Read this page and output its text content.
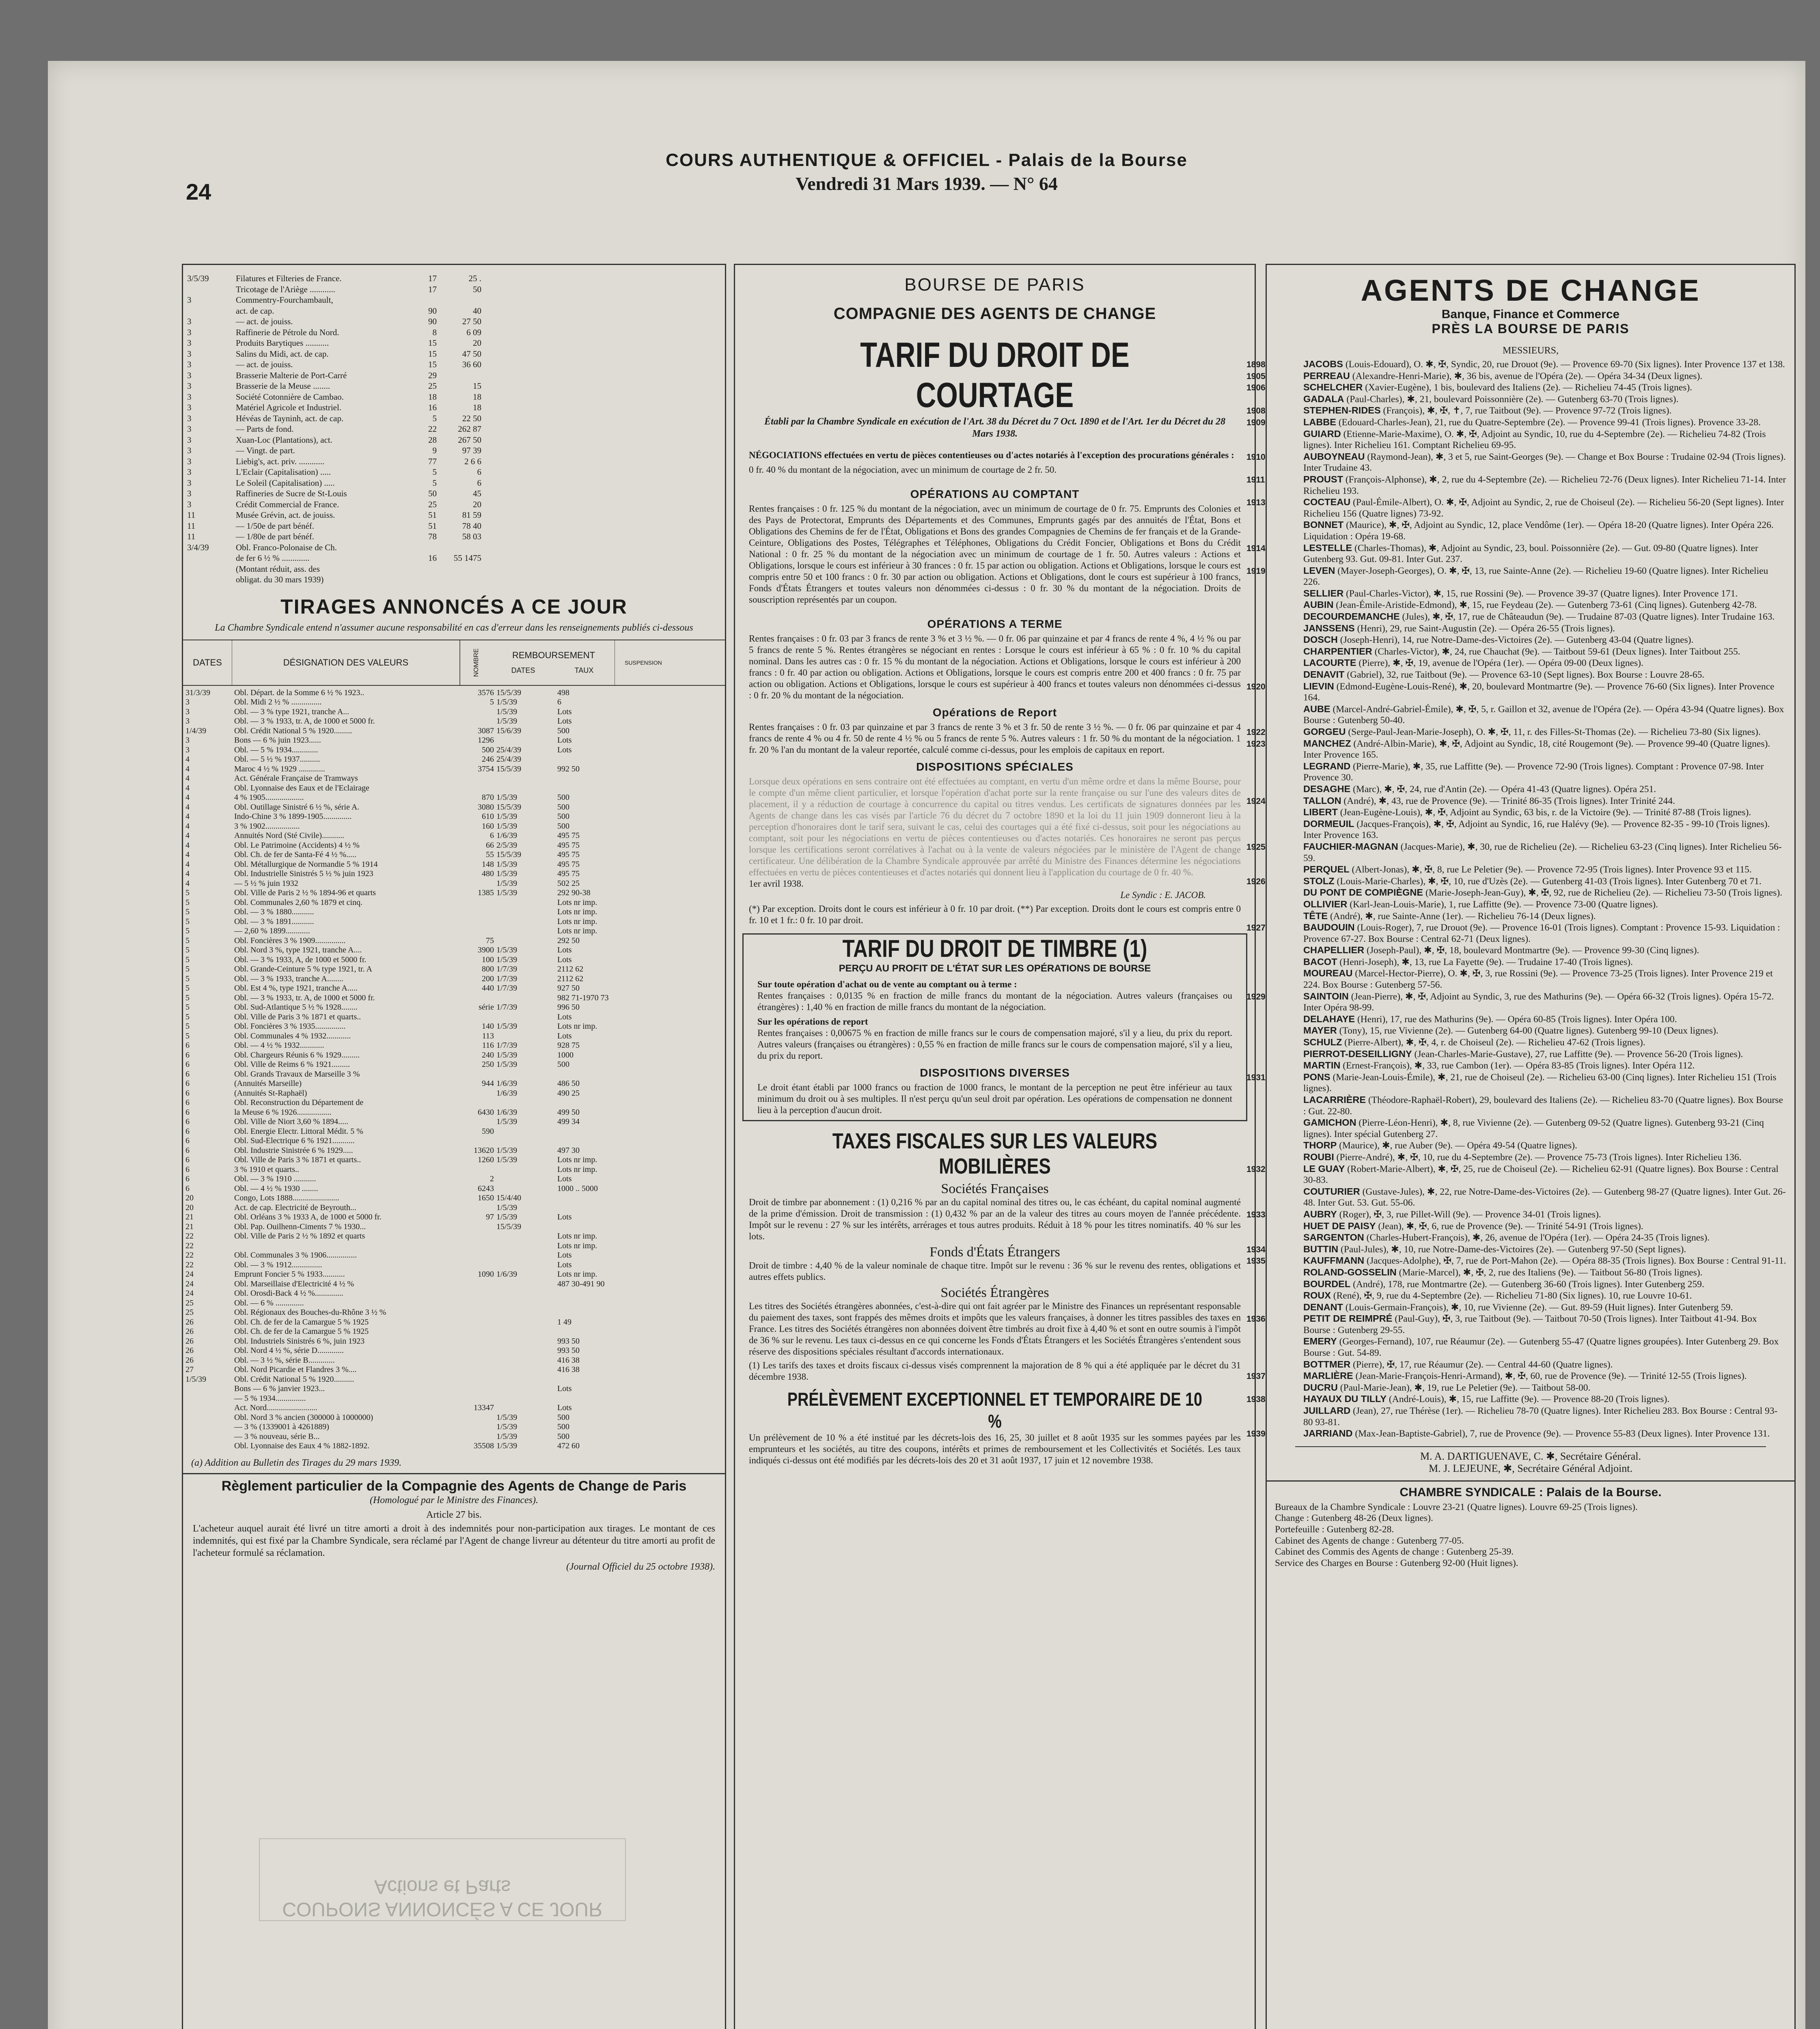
24
COURS AUTHENTIQUE & OFFICIEL - Palais de la Bourse
Vendredi 31 Mars 1939. — N° 64
3/5/39	Filatures et Filteries de France.	17	25 .
Tricotage de l'Ariège ............	17	50
3	Commentry-Fourchambault,
act. de cap.	90	40
3	— act. de jouiss.	90	27 50
3	Raffinerie de Pétrole du Nord.	8	6 09
3	Produits Barytiques ...........	15	20
3	Salins du Midi, act. de cap.	15	47 50
3	— act. de jouiss.	15	36 60
3	Brasserie Malterie de Port-Carré	29
3	Brasserie de la Meuse ........	25	15
3	Société Cotonnière de Cambao.	18	18
3	Matériel Agricole et Industriel.	16	18
3	Hévéas de Tayninh, act. de cap.	5	22 50
3	— Parts de fond.	22	262 87
3	Xuan-Loc (Plantations), act.	28	267 50
3	— Vingt. de part.	9	97 39
3	Liebig's, act. priv. ............	77	2 6 6
3	L'Eclair (Capitalisation) .....	5	6
3	Le Soleil (Capitalisation) .....	5	6
3	Raffineries de Sucre de St-Louis	50	45
3	Crédit Commercial de France.	25	20
11	Musée Grévin, act. de jouiss.	51	81 59
11	— 1/50e de part bénéf.	51	78 40
11	— 1/80e de part bénéf.	78	58 03
3/4/39	Obl. Franco-Polonaise de Ch.
de fer 6 ½ % .............	16	55 1475
(Montant réduit, ass. des
obligat. du 30 mars 1939)
TIRAGES ANNONCÉS A CE JOUR
La Chambre Syndicale entend n'assumer aucune responsabilité en cas d'erreur dans les renseignements publiés ci-dessous
DATES	DÉSIGNATION DES VALEURS	NOMBRE	REMBOURSEMENT
DATES	TAUX
SUSPENSION
31/3/39	Obl. Départ. de la Somme 6 ½ % 1923..	3576 15/5/39	498
3	Obl. Midi 2 ½ % ...............	5 1/5/39	6
3	Obl. — 3 % type 1921, tranche A...	1/5/39	Lots
3	Obl. — 3 % 1933, tr. A, de 1000 et 5000 fr.	1/5/39	Lots
1/4/39	Obl. Crédit National 5 % 1920.........	3087 15/6/39	500
3	Bons — 6 % juin 1923......	1296	Lots
3	Obl. — 5 % 1934.............	500 25/4/39	Lots
4	Obl. — 5 ½ % 1937..........	246 25/4/39
4	Maroc 4 ½ % 1929 .............	3754 15/5/39	992 50
4	Act. Générale Française de Tramways
4	Obl. Lyonnaise des Eaux et de l'Eclairage
4	4 % 1905...................	870 1/5/39	500
4	Obl. Outillage Sinistré 6 ½ %, série A.	3080 15/5/39	500
4	Indo-Chine 3 % 1899-1905..............	610 1/5/39	500
4	3 % 1902.................	160 1/5/39	500
4	Annuités Nord (Sté Civile)...........	6 1/6/39	495 75
4	Obl. Le Patrimoine (Accidents) 4 ½ %	66 2/5/39	495 75
4	Obl. Ch. de fer de Santa-Fé 4 ½ %.....	55 15/5/39	495 75
4	Obl. Métallurgique de Normandie 5 % 1914	148 1/5/39	495 75
4	Obl. Industrielle Sinistrés 5 ½ % juin 1923	480 1/5/39	495 75
4	— 5 ½ % juin 1932	1/5/39	502 25
5	Obl. Ville de Paris 2 ½ % 1894-96 et quarts	1385 1/5/39	292 90-38
5	Obl. Communales 2,60 % 1879 et cinq.	Lots nr imp.
5	Obl. — 3 % 1880...........	Lots nr imp.
5	Obl. — 3 % 1891...........	Lots nr imp.
5	— 2,60 % 1899............	Lots nr imp.
5	Obl. Foncières 3 % 1909...............	75	292 50
5	Obl. Nord 3 %, type 1921, tranche A....	3900 1/5/39	Lots
5	Obl. — 3 % 1933, A, de 1000 et 5000 fr.	100 1/5/39	Lots
5	Obl. Grande-Ceinture 5 % type 1921, tr. A	800 1/7/39	2112 62
5	Obl. — 3 % 1933, tranche A........	200 1/7/39	2112 62
5	Obl. Est 4 %, type 1921, tranche A.....	440 1/7/39	927 50
5	Obl. — 3 % 1933, tr. A, de 1000 et 5000 fr.	982 71-1970 73
5	Obl. Sud-Atlantique 5 ½ % 1928........	série 1/7/39	996 50
5	Obl. Ville de Paris 3 % 1871 et quarts..	Lots
5	Obl. Foncières 3 % 1935...............	140 1/5/39	Lots nr imp.
5	Obl. Communales 4 % 1932............	113	Lots
6	Obl. — 4 ½ % 1932............	116 1/7/39	928 75
6	Obl. Chargeurs Réunis 6 % 1929.........	240 1/5/39	1000
6	Obl. Ville de Reims 6 % 1921.........	250 1/5/39	500
6	Obl. Grands Travaux de Marseille 3 %
6	(Annuités Marseille)	944 1/6/39	486 50
6	(Annuités St-Raphaël)	1/6/39	490 25
6	Obl. Reconstruction du Département de
6	la Meuse 6 % 1926.................	6430 1/6/39	499 50
6	Obl. Ville de Niort 3,60 % 1894.....	1/5/39	499 34
6	Obl. Energie Electr. Littoral Médit. 5 %	590
6	Obl. Sud-Electrique 6 % 1921...........
6	Obl. Industrie Sinistrée 6 % 1929.....	13620 1/5/39	497 30
6	Obl. Ville de Paris 3 % 1871 et quarts..	1260 1/5/39	Lots nr imp.
6	3 % 1910 et quarts..	Lots nr imp.
6	Obl. — 3 % 1910 ...........	2	Lots
6	Obl. — 4 ½ % 1930 ........	6243	1000 .. 5000
20	Congo, Lots 1888.......................	1650 15/4/40
20	Act. de cap. Electricité de Beyrouth...	1/5/39
21	Obl. Orléans 3 % 1933 A, de 1000 et 5000 fr.	97 1/5/39	Lots
21	Obl. Pap. Ouilhenn-Ciments 7 % 1930...	15/5/39
22	Obl. Ville de Paris 2 ½ % 1892 et quarts	Lots nr imp.
22	Lots nr imp.
22	Obl. Communales 3 % 1906...............	Lots
22	Obl. — 3 % 1912...............	Lots
24	Emprunt Foncier 5 % 1933...........	1090 1/6/39	Lots nr imp.
24	Obl. Marseillaise d'Electricité 4 ½ %	487 30-491 90
24	Obl. Orosdi-Back 4 ½ %..............
25	Obl. — 6 % ..............
25	Obl. Régionaux des Bouches-du-Rhône 3 ½ %
26	Obl. Ch. de fer de la Camargue 5 % 1925	1 49
26	Obl. Ch. de fer de la Camargue 5 % 1925
26	Obl. Industriels Sinistrés 6 %, juin 1923	993 50
26	Obl. Nord 4 ½ %, série D.............	993 50
26	Obl. — 3 ½ %, série B.............	416 38
27	Obl. Nord Picardie et Flandres 3 %....	416 38
1/5/39	Obl. Crédit National 5 % 1920..........
Bons — 6 % janvier 1923...	Lots
— 5 % 1934...............
Act. Nord.........................	13347	Lots
Obl. Nord 3 % ancien (300000 à 1000000)	1/5/39	500
— 3 % (1339001 à 4261889)	1/5/39	500
— 3 % nouveau, série B...	1/5/39	500
Obl. Lyonnaise des Eaux 4 % 1882-1892.	35508 1/5/39	472 60
(a) Addition au Bulletin des Tirages du 29 mars 1939.
Règlement particulier de la Compagnie des Agents de Change de Paris
(Homologué par le Ministre des Finances).
Article 27 bis.
L'acheteur auquel aurait été livré un titre amorti a droit à des indemnités pour non-participation aux tirages. Le montant de ces indemnités, qui est fixé par la Chambre Syndicale, sera réclamé par l'Agent de change livreur au détenteur du titre amorti au profit de l'acheteur formulé sa réclamation.
(Journal Officiel du 25 octobre 1938).
COUPONS ANNONCÉS A CE JOUR Actions et Parts
BOURSE DE PARIS
COMPAGNIE DES AGENTS DE CHANGE
TARIF DU DROIT DE COURTAGE
Établi par la Chambre Syndicale en exécution de l'Art. 38 du Décret du 7 Oct. 1890 et de l'Art. 1er du Décret du 28 Mars 1938.
NÉGOCIATIONS effectuées en vertu de pièces contentieuses ou d'actes notariés à l'exception des procurations générales :
0 fr. 40 % du montant de la négociation, avec un minimum de courtage de 2 fr. 50.
OPÉRATIONS AU COMPTANT
Rentes françaises : 0 fr. 125 % du montant de la négociation, avec un minimum de courtage de 0 fr. 75. Emprunts des Colonies et des Pays de Protectorat, Emprunts des Départements et des Communes, Emprunts gagés par des annuités de l'État, Bons et Obligations des Chemins de fer de l'État, Obligations et Bons des grandes Compagnies de Chemins de fer français et de la Grande-Ceinture, Obligations des Postes, Télégraphes et Téléphones, Obligations du Crédit Foncier, Obligations et Bons du Crédit National : 0 fr. 25 % du montant de la négociation avec un minimum de courtage de 1 fr. 50. Autres valeurs : Actions et Obligations, lorsque le cours est inférieur à 30 frances : 0 fr. 15 par action ou obligation. Actions et Obligations, lorsque le cours est compris entre 50 et 100 francs : 0 fr. 30 par action ou obligation. Actions et Obligations, dont le cours est supérieur à 100 francs, Fonds d'États Étrangers et toutes valeurs non dénommées ci-dessus : 0 fr. 30 % du montant de la négociation. Droits de souscription représentés par un coupon.
OPÉRATIONS A TERME
Rentes françaises : 0 fr. 03 par 3 francs de rente 3 % et 3 ½ %. — 0 fr. 06 par quinzaine et par 4 francs de rente 4 %, 4 ½ % ou par 5 francs de rente 5 %. Rentes étrangères se négociant en rentes : Lorsque le cours est inférieur à 65 % : 0 fr. 10 % du capital nominal. Dans les autres cas : 0 fr. 15 % du montant de la négociation. Actions et Obligations, lorsque le cours est inférieur à 200 francs : 0 fr. 40 par action ou obligation. Actions et Obligations, lorsque le cours est compris entre 200 et 400 francs : 0 fr. 75 par action ou obligation. Actions et Obligations, lorsque le cours est supérieur à 400 francs et toutes valeurs non dénommées ci-dessus : 0 fr. 20 % du montant de la négociation.
Opérations de Report
Rentes françaises : 0 fr. 03 par quinzaine et par 3 francs de rente 3 % et 3 fr. 50 de rente 3 ½ %. — 0 fr. 06 par quinzaine et par 4 francs de rente 4 % ou 4 fr. 50 de rente 4 ½ % ou 5 francs de rente 5 %. Autres valeurs : 1 fr. 50 % du montant de la négociation. 1 fr. 20 % l'an du montant de la valeur reportée, calculé comme ci-dessus, pour les emplois de capitaux en report.
DISPOSITIONS SPÉCIALES
Lorsque deux opérations en sens contraire ont été effectuées au comptant, en vertu d'un même ordre et dans la même Bourse, pour le compte d'un même client particulier, et lorsque l'opération d'achat porte sur la rente française ou sur l'une des valeurs dites de placement, il y a réduction de courtage à concurrence du capital ou titres vendus. Les certificats de signatures données par les Agents de change dans les cas visés par l'article 76 du décret du 7 octobre 1890 et la loi du 11 juin 1909 donneront lieu à la perception d'honoraires dont le tarif sera, suivant le cas, celui des courtages qui a été fixé ci-dessus, soit pour les négociations au comptant, soit pour les négociations en vertu de pièces contentieuses ou d'actes notariés. Ces honoraires ne seront pas perçus lorsque les certifications seront corrélatives à l'achat ou à la vente de valeurs négociées par le ministère de l'Agent de change certificateur. Une délibération de la Chambre Syndicale approuvée par arrêté du Ministre des Finances détermine les négociations effectuées en vertu de pièces contentieuses et d'actes notariés qui donnent lieu à l'application du courtage de 0 fr. 40 %.
1er avril 1938.
Le Syndic : E. JACOB.
(*) Par exception. Droits dont le cours est inférieur à 0 fr. 10 par droit. (**) Par exception. Droits dont le cours est compris entre 0 fr. 10 et 1 fr.: 0 fr. 10 par droit.
TARIF DU DROIT DE TIMBRE (1)
PERÇU AU PROFIT DE L'ÉTAT SUR LES OPÉRATIONS DE BOURSE
Sur toute opération d'achat ou de vente au comptant ou à terme :
Rentes françaises : 0,0135 % en fraction de mille francs du montant de la négociation. Autres valeurs (françaises ou étrangères) : 1,40 % en fraction de mille francs du montant de la négociation.
Sur les opérations de report
Rentes françaises : 0,00675 % en fraction de mille francs sur le cours de compensation majoré, s'il y a lieu, du prix du report. Autres valeurs (françaises ou étrangères) : 0,55 % en fraction de mille francs sur le cours de compensation majoré, s'il y a lieu, du prix du report.
DISPOSITIONS DIVERSES
Le droit étant établi par 1000 francs ou fraction de 1000 francs, le montant de la perception ne peut être inférieur au taux minimum du droit ou à ses multiples. Il n'est perçu qu'un seul droit par opération. Les opérations de compensation ne donnent lieu à la perception d'aucun droit.
TAXES FISCALES SUR LES VALEURS MOBILIÈRES
Sociétés Françaises
Droit de timbre par abonnement : (1) 0,216 % par an du capital nominal des titres ou, le cas échéant, du capital nominal augmenté de la prime d'émission. Droit de transmission : (1) 0,432 % par an de la valeur des titres au cours moyen de l'année précédente. Impôt sur le revenu : 27 % sur les intérêts, arrérages et tous autres produits. Réduit à 18 % pour les titres nominatifs. 40 % sur les lots.
Fonds d'États Étrangers
Droit de timbre : 4,40 % de la valeur nominale de chaque titre. Impôt sur le revenu : 36 % sur le revenu des rentes, obligations et autres effets publics.
Sociétés Étrangères
Les titres des Sociétés étrangères abonnées, c'est-à-dire qui ont fait agréer par le Ministre des Finances un représentant responsable du paiement des taxes, sont frappés des mêmes droits et impôts que les valeurs françaises, à donner les titres passibles des taxes en France. Les titres des Sociétés étrangères non abonnées doivent être timbrés au droit fixe à 4,40 % et sont en outre soumis à l'impôt de 36 % sur le revenu. Les taux ci-dessus en ce qui concerne les Fonds d'États Étrangers et les Sociétés Étrangères s'entendent sous réserve des dispositions spéciales résultant d'accords internationaux.
(1) Les tarifs des taxes et droits fiscaux ci-dessus visés comprennent la majoration de 8 % qui a été appliquée par le décret du 31 décembre 1938.
PRÉLÈVEMENT EXCEPTIONNEL ET TEMPORAIRE DE 10 %
Un prélèvement de 10 % a été institué par les décrets-lois des 16, 25, 30 juillet et 8 août 1935 sur les sommes payées par les emprunteurs et les sociétés, au titre des coupons, intérêts et primes de remboursement et les Collectivités et Sociétés. Les taux indiqués ci-dessus ont été modifiés par les décrets-lois des 20 et 31 août 1937, 17 juin et 12 novembre 1938.
AGENTS DE CHANGE
Banque, Finance et Commerce
PRÈS LA BOURSE DE PARIS
MESSIEURS,
1898	JACOBS (Louis-Edouard), O. ✱, ✠, Syndic, 20, rue Drouot (9e). — Provence 69-70 (Six lignes). Inter Provence 137 et 138.
1905	PERREAU (Alexandre-Henri-Marie), ✱, 36 bis, avenue de l'Opéra (2e). — Opéra 34-34 (Deux lignes).
1906	SCHELCHER (Xavier-Eugène), 1 bis, boulevard des Italiens (2e). — Richelieu 74-45 (Trois lignes).
GADALA (Paul-Charles), ✱, 21, boulevard Poissonnière (2e). — Gutenberg 63-70 (Trois lignes).
1908	STEPHEN-RIDES (François), ✱, ✠, ✝, 7, rue Taitbout (9e). — Provence 97-72 (Trois lignes).
1909	LABBE (Edouard-Charles-Jean), 21, rue du Quatre-Septembre (2e). — Provence 99-41 (Trois lignes). Provence 33-28.
GUIARD (Etienne-Marie-Maxime), O. ✱, ✠, Adjoint au Syndic, 10, rue du 4-Septembre (2e). — Richelieu 74-82 (Trois lignes). Inter Richelieu 161. Comptant Richelieu 69-95.
1910	AUBOYNEAU (Raymond-Jean), ✱, 3 et 5, rue Saint-Georges (9e). — Change et Box Bourse : Trudaine 02-94 (Trois lignes). Inter Trudaine 43.
1911	PROUST (François-Alphonse), ✱, 2, rue du 4-Septembre (2e). — Richelieu 72-76 (Deux lignes). Inter Richelieu 71-14. Inter Richelieu 193.
1913	COCTEAU (Paul-Émile-Albert), O. ✱, ✠, Adjoint au Syndic, 2, rue de Choiseul (2e). — Richelieu 56-20 (Sept lignes). Inter Richelieu 156 (Quatre lignes) 73-92.
BONNET (Maurice), ✱, ✠, Adjoint au Syndic, 12, place Vendôme (1er). — Opéra 18-20 (Quatre lignes). Inter Opéra 226. Liquidation : Opéra 19-68.
1914	LESTELLE (Charles-Thomas), ✱, Adjoint au Syndic, 23, boul. Poissonnière (2e). — Gut. 09-80 (Quatre lignes). Inter Gutenberg 93. Gut. 09-81. Inter Gut. 237.
1919	LEVEN (Mayer-Joseph-Georges), O. ✱, ✠, 13, rue Sainte-Anne (2e). — Richelieu 19-60 (Quatre lignes). Inter Richelieu 226.
SELLIER (Paul-Charles-Victor), ✱, 15, rue Rossini (9e). — Provence 39-37 (Quatre lignes). Inter Provence 171.
AUBIN (Jean-Émile-Aristide-Edmond), ✱, 15, rue Feydeau (2e). — Gutenberg 73-61 (Cinq lignes). Gutenberg 42-78.
DECOURDEMANCHE (Jules), ✱, ✠, 17, rue de Châteaudun (9e). — Trudaine 87-03 (Quatre lignes). Inter Trudaine 163.
JANSSENS (Henri), 29, rue Saint-Augustin (2e). — Opéra 26-55 (Trois lignes).
DOSCH (Joseph-Henri), 14, rue Notre-Dame-des-Victoires (2e). — Gutenberg 43-04 (Quatre lignes).
CHARPENTIER (Charles-Victor), ✱, 24, rue Chauchat (9e). — Taitbout 59-61 (Deux lignes). Inter Taitbout 255.
LACOURTE (Pierre), ✱, ✠, 19, avenue de l'Opéra (1er). — Opéra 09-00 (Deux lignes).
DENAVIT (Gabriel), 32, rue Taitbout (9e). — Provence 63-10 (Sept lignes). Box Bourse : Louvre 28-65.
1920	LIEVIN (Edmond-Eugène-Louis-René), ✱, 20, boulevard Montmartre (9e). — Provence 76-60 (Six lignes). Inter Provence 164.
AUBE (Marcel-André-Gabriel-Émile), ✱, ✠, 5, r. Gaillon et 32, avenue de l'Opéra (2e). — Opéra 43-94 (Quatre lignes). Box Bourse : Gutenberg 50-40.
1922	GORGEU (Serge-Paul-Jean-Marie-Joseph), O. ✱, ✠, 11, r. des Filles-St-Thomas (2e). — Richelieu 73-80 (Six lignes).
1923	MANCHEZ (André-Albin-Marie), ✱, ✠, Adjoint au Syndic, 18, cité Rougemont (9e). — Provence 99-40 (Quatre lignes). Inter Provence 165.
LEGRAND (Pierre-Marie), ✱, 35, rue Laffitte (9e). — Provence 72-90 (Trois lignes). Comptant : Provence 07-98. Inter Provence 30.
DESAGHE (Marc), ✱, ✠, 24, rue d'Antin (2e). — Opéra 41-43 (Quatre lignes). Opéra 251.
1924	TALLON (André), ✱, 43, rue de Provence (9e). — Trinité 86-35 (Trois lignes). Inter Trinité 244.
LIBERT (Jean-Eugène-Louis), ✱, ✠, Adjoint au Syndic, 63 bis, r. de la Victoire (9e). — Trinité 87-88 (Trois lignes).
DORMEUIL (Jacques-François), ✱, ✠, Adjoint au Syndic, 16, rue Halévy (9e). — Provence 82-35 - 99-10 (Trois lignes). Inter Provence 163.
1925	FAUCHIER-MAGNAN (Jacques-Marie), ✱, 30, rue de Richelieu (2e). — Richelieu 63-23 (Cinq lignes). Inter Richelieu 56-59.
PERQUEL (Albert-Jonas), ✱, ✠, 8, rue Le Peletier (9e). — Provence 72-95 (Trois lignes). Inter Provence 93 et 115.
1926	STOLZ (Louis-Marie-Charles), ✱, ✠, 10, rue d'Uzès (2e). — Gutenberg 41-03 (Trois lignes). Inter Gutenberg 70 et 71.
DU PONT DE COMPIÈGNE (Marie-Joseph-Jean-Guy), ✱, ✠, 92, rue de Richelieu (2e). — Richelieu 73-50 (Trois lignes).
OLLIVIER (Karl-Jean-Louis-Marie), 1, rue Laffitte (9e). — Provence 73-00 (Quatre lignes).
TÊTE (André), ✱, rue Sainte-Anne (1er). — Richelieu 76-14 (Deux lignes).
1927	BAUDOUIN (Louis-Roger), 7, rue Drouot (9e). — Provence 16-01 (Trois lignes). Comptant : Provence 15-93. Liquidation : Provence 67-27. Box Bourse : Central 62-71 (Deux lignes).
CHAPELLIER (Joseph-Paul), ✱, ✠, 18, boulevard Montmartre (9e). — Provence 99-30 (Cinq lignes).
BACOT (Henri-Joseph), ✱, 13, rue La Fayette (9e). — Trudaine 17-40 (Trois lignes).
MOUREAU (Marcel-Hector-Pierre), O. ✱, ✠, 3, rue Rossini (9e). — Provence 73-25 (Trois lignes). Inter Provence 219 et 224. Box Bourse : Gutenberg 57-56.
1929	SAINTOIN (Jean-Pierre), ✱, ✠, Adjoint au Syndic, 3, rue des Mathurins (9e). — Opéra 66-32 (Trois lignes). Opéra 15-72. Inter Opéra 98-99.
DELAHAYE (Henri), 17, rue des Mathurins (9e). — Opéra 60-85 (Trois lignes). Inter Opéra 100.
MAYER (Tony), 15, rue Vivienne (2e). — Gutenberg 64-00 (Quatre lignes). Gutenberg 99-10 (Deux lignes).
SCHULZ (Pierre-Albert), ✱, ✠, 4, r. de Choiseul (2e). — Richelieu 47-62 (Trois lignes).
PIERROT-DESEILLIGNY (Jean-Charles-Marie-Gustave), 27, rue Laffitte (9e). — Provence 56-20 (Trois lignes).
MARTIN (Ernest-François), ✱, 33, rue Cambon (1er). — Opéra 83-85 (Trois lignes). Inter Opéra 112.
1931	PONS (Marie-Jean-Louis-Émile), ✱, 21, rue de Choiseul (2e). — Richelieu 63-00 (Cinq lignes). Inter Richelieu 151 (Trois lignes).
LACARRIÈRE (Théodore-Raphaël-Robert), 29, boulevard des Italiens (2e). — Richelieu 83-70 (Quatre lignes). Box Bourse : Gut. 22-80.
GAMICHON (Pierre-Léon-Henri), ✱, 8, rue Vivienne (2e). — Gutenberg 09-52 (Quatre lignes). Gutenberg 93-21 (Cinq lignes). Inter spécial Gutenberg 27.
THORP (Maurice), ✱, rue Auber (9e). — Opéra 49-54 (Quatre lignes).
ROUBI (Pierre-André), ✱, ✠, 10, rue du 4-Septembre (2e). — Provence 75-73 (Trois lignes). Inter Richelieu 136.
1932	LE GUAY (Robert-Marie-Albert), ✱, ✠, 25, rue de Choiseul (2e). — Richelieu 62-91 (Quatre lignes). Box Bourse : Central 30-83.
COUTURIER (Gustave-Jules), ✱, 22, rue Notre-Dame-des-Victoires (2e). — Gutenberg 98-27 (Quatre lignes). Inter Gut. 26-48. Inter Gut. 53. Gut. 55-06.
1933	AUBRY (Roger), ✠, 3, rue Pillet-Will (9e). — Provence 34-01 (Trois lignes).
HUET DE PAISY (Jean), ✱, ✠, 6, rue de Provence (9e). — Trinité 54-91 (Trois lignes).
SARGENTON (Charles-Hubert-François), ✱, 26, avenue de l'Opéra (1er). — Opéra 24-35 (Trois lignes).
1934	BUTTIN (Paul-Jules), ✱, 10, rue Notre-Dame-des-Victoires (2e). — Gutenberg 97-50 (Sept lignes).
1935	KAUFFMANN (Jacques-Adolphe), ✠, 7, rue de Port-Mahon (2e). — Opéra 88-35 (Trois lignes). Box Bourse : Central 91-11.
ROLAND-GOSSELIN (Marie-Marcel), ✱, ✠, 2, rue des Italiens (9e). — Taitbout 56-80 (Trois lignes).
BOURDEL (André), 178, rue Montmartre (2e). — Gutenberg 36-60 (Trois lignes). Inter Gutenberg 259.
ROUX (René), ✠, 9, rue du 4-Septembre (2e). — Richelieu 71-80 (Six lignes). 10, rue Louvre 10-61.
DENANT (Louis-Germain-François), ✱, 10, rue Vivienne (2e). — Gut. 89-59 (Huit lignes). Inter Gutenberg 59.
1936	PETIT DE REIMPRÉ (Paul-Guy), ✠, 3, rue Taitbout (9e). — Taitbout 70-50 (Trois lignes). Inter Taitbout 41-94. Box Bourse : Gutenberg 29-55.
EMERY (Georges-Fernand), 107, rue Réaumur (2e). — Gutenberg 55-47 (Quatre lignes groupées). Inter Gutenberg 29. Box Bourse : Gut. 54-89.
BOTTMER (Pierre), ✠, 17, rue Réaumur (2e). — Central 44-60 (Quatre lignes).
1937	MARLIÈRE (Jean-Marie-François-Henri-Armand), ✱, ✠, 60, rue de Provence (9e). — Trinité 12-55 (Trois lignes).
DUCRU (Paul-Marie-Jean), ✱, 19, rue Le Peletier (9e). — Taitbout 58-00.
1938	HAYAUX DU TILLY (André-Louis), ✱, 15, rue Laffitte (9e). — Provence 88-20 (Trois lignes).
JUILLARD (Jean), 27, rue Thérèse (1er). — Richelieu 78-70 (Quatre lignes). Inter Richelieu 283. Box Bourse : Central 93-80 93-81.
1939	JARRIAND (Max-Jean-Baptiste-Gabriel), 7, rue de Provence (9e). — Provence 55-83 (Deux lignes). Inter Provence 131.
M. A. DARTIGUENAVE, C. ✱, Secrétaire Général.
M. J. LEJEUNE, ✱, Secrétaire Général Adjoint.
CHAMBRE SYNDICALE : Palais de la Bourse.
Bureaux de la Chambre Syndicale : Louvre 23-21 (Quatre lignes). Louvre 69-25 (Trois lignes).
Change : Gutenberg 48-26 (Deux lignes).
Portefeuille : Gutenberg 82-28.
Cabinet des Agents de change : Gutenberg 77-05.
Cabinet des Commis des Agents de change : Gutenberg 25-39.
Service des Charges en Bourse : Gutenberg 92-00 (Huit lignes).
